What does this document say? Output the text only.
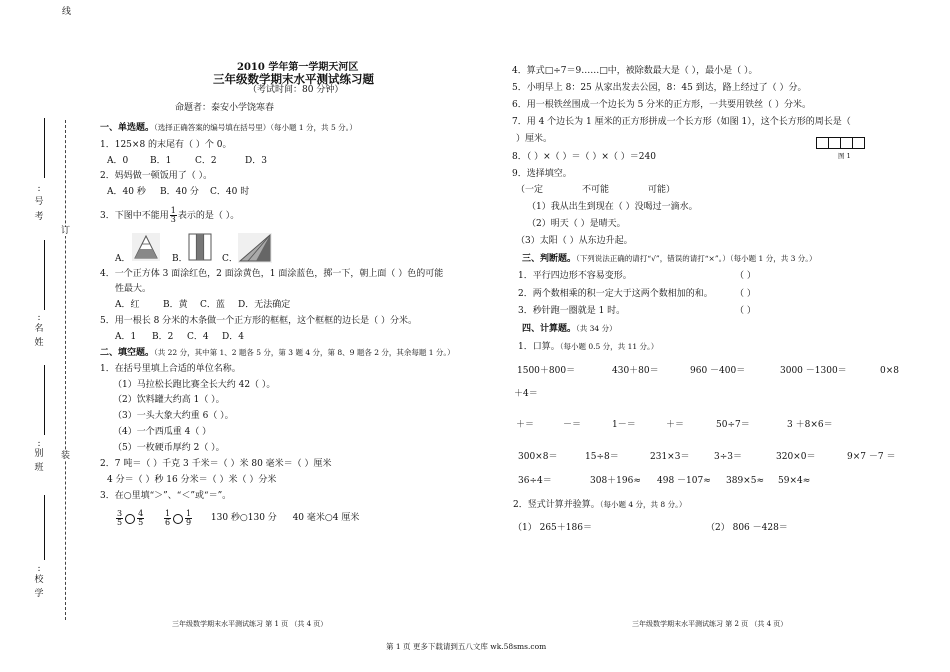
线
订
装
:
号
考
:
名
姓
:
别
班
:
校
学
2010 学年第一学期天河区
三年级数学期末水平测试练习题
（考试时间：80 分钟）
命题者：泰安小学饶寒春
一、单选题。（选择正确答案的编号填在括号里）（每小题 1 分，共 5 分。）
1．125×8 的末尾有（ ）个 0。
A．0 B．1	C．2	D．3
2．妈妈做一顿饭用了（ ）。
A．40 秒 B．40 分 C．40 时
3．下图中不能用 $\frac{1}{3}$ 表示的是（ ）。
A．	B．	C．
4．一个正方体 3 面涂红色，2 面涂黄色，1 面涂蓝色，掷一下，朝上面（ ）色的可能
性最大。
A．红	B．黄 C．蓝 D．无法确定
5．用一根长 8 分米的木条做一个正方形的框框，这个框框的边长是（ ）分米。
A．1 B．2 C．4 D．4
二、填空题。（共 22 分，其中第 1、2 题各 5 分，第 3 题 4 分，第 8、9 题各 2 分，其余每题 1 分。）
1．在括号里填上合适的单位名称。
（1）马拉松长跑比赛全长大约 42（ ）。
（2）饮料罐大约高 1（ ）。
（3）一头大象大约重 6（ ）。
（4）一个西瓜重 4（ ）
（5）一枚硬币厚约 2（ ）。
2．7 吨＝（ ）千克 3 千米＝（ ）米 80 毫米＝（ ）厘米
4 分＝（ ）秒 16 分米＝（ ）米（ ）分米
3．在○里填“＞”、“＜”或“＝”。
$\frac{3}{5} \frac{4}{5}$
$\frac{1}{6} \frac{1}{9} 130$ 秒○130 分 40 毫米○4 厘米
三年级数学期末水平测试练习 第 1 页 （共 4 页）
4．算式□÷7＝9……□中，被除数最大是（ ），最小是（ ）。
5．小明早上 8：25 从家出发去公园，8：45 到达，路上经过了（ ）分。
6．用一根铁丝围成一个边长为 5 分米的正方形，一共要用铁丝（ ）分米。
7．用 4 个边长为 1 厘米的正方形拼成一个长方形（如图 1），这个长方形的周长是（
）厘米。
图 1
8．（ ）×（ ）＝（ ）×（ ）＝240
9．选择填空。
（一定	不可能	可能）
（1）我从出生到现在（ ）没喝过一滴水。
（2）明天（ ）是晴天。
（3）太阳（ ）从东边升起。
三、判断题。（下列说法正确的请打“√”，错误的请打“×”。）（每小题 1 分，共 3 分。）
1．平行四边形不容易变形。	（ ）
2．两个数相乘的积一定大于这两个数相加的和。 （ ）
3．秒针跑一圈就是 1 时。	（ ）
四、计算题。（共 34 分）
1．口算。（每小题 0.5 分，共 11 分。）
1500＋800＝	430＋80＝	960 －400＝	3000 －1300＝	0×8
＋4＝
＋＝	－＝	1－＝	＋＝	50÷7＝	3 ＋8×6＝
300×8＝	15÷8＝	231×3＝	3÷3＝	320×0＝	9×7 －7 ＝
36÷4＝	308＋196≈ 498 －107≈ 389×5≈ 59×4≈
2．竖式计算并验算。（每小题 4 分，共 8 分。）
（1） 265＋186＝	（2） 806 －428＝
三年级数学期末水平测试练习 第 2 页 （共 4 页）
第 1 页 更多下载请到五八文库 wk.58sms.com
